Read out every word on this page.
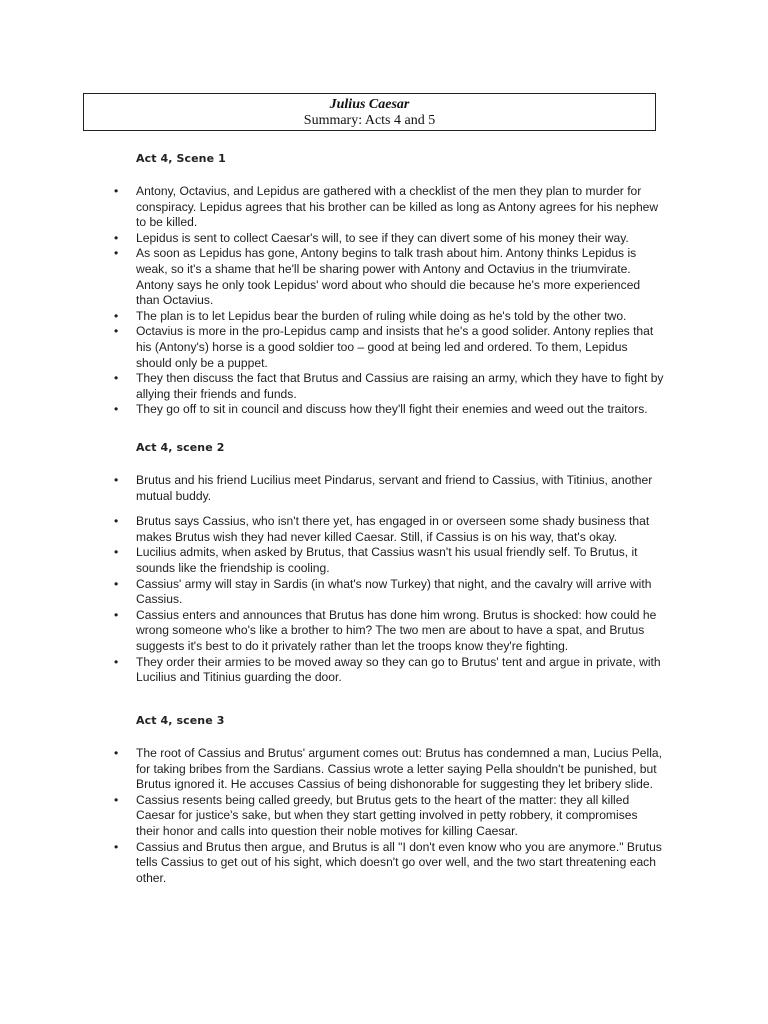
Julius Caesar
Summary: Acts 4 and 5
Act 4, Scene 1
• Antony, Octavius, and Lepidus are gathered with a checklist of the men they plan to murder for conspiracy. Lepidus agrees that his brother can be killed as long as Antony agrees for his nephew to be killed.
• Lepidus is sent to collect Caesar's will, to see if they can divert some of his money their way.
• As soon as Lepidus has gone, Antony begins to talk trash about him. Antony thinks Lepidus is weak, so it's a shame that he'll be sharing power with Antony and Octavius in the triumvirate. Antony says he only took Lepidus' word about who should die because he's more experienced than Octavius.
• The plan is to let Lepidus bear the burden of ruling while doing as he's told by the other two.
• Octavius is more in the pro-Lepidus camp and insists that he's a good solider. Antony replies that his (Antony's) horse is a good soldier too – good at being led and ordered. To them, Lepidus should only be a puppet.
• They then discuss the fact that Brutus and Cassius are raising an army, which they have to fight by allying their friends and funds.
• They go off to sit in council and discuss how they'll fight their enemies and weed out the traitors.
Act 4, scene 2
• Brutus and his friend Lucilius meet Pindarus, servant and friend to Cassius, with Titinius, another mutual buddy.
• Brutus says Cassius, who isn't there yet, has engaged in or overseen some shady business that makes Brutus wish they had never killed Caesar. Still, if Cassius is on his way, that's okay.
• Lucilius admits, when asked by Brutus, that Cassius wasn't his usual friendly self. To Brutus, it sounds like the friendship is cooling.
• Cassius' army will stay in Sardis (in what's now Turkey) that night, and the cavalry will arrive with Cassius.
• Cassius enters and announces that Brutus has done him wrong. Brutus is shocked: how could he wrong someone who's like a brother to him? The two men are about to have a spat, and Brutus suggests it's best to do it privately rather than let the troops know they're fighting.
• They order their armies to be moved away so they can go to Brutus' tent and argue in private, with Lucilius and Titinius guarding the door.
Act 4, scene 3
• The root of Cassius and Brutus' argument comes out: Brutus has condemned a man, Lucius Pella, for taking bribes from the Sardians. Cassius wrote a letter saying Pella shouldn't be punished, but Brutus ignored it. He accuses Cassius of being dishonorable for suggesting they let bribery slide.
• Cassius resents being called greedy, but Brutus gets to the heart of the matter: they all killed Caesar for justice's sake, but when they start getting involved in petty robbery, it compromises their honor and calls into question their noble motives for killing Caesar.
• Cassius and Brutus then argue, and Brutus is all "I don't even know who you are anymore." Brutus tells Cassius to get out of his sight, which doesn't go over well, and the two start threatening each other.
